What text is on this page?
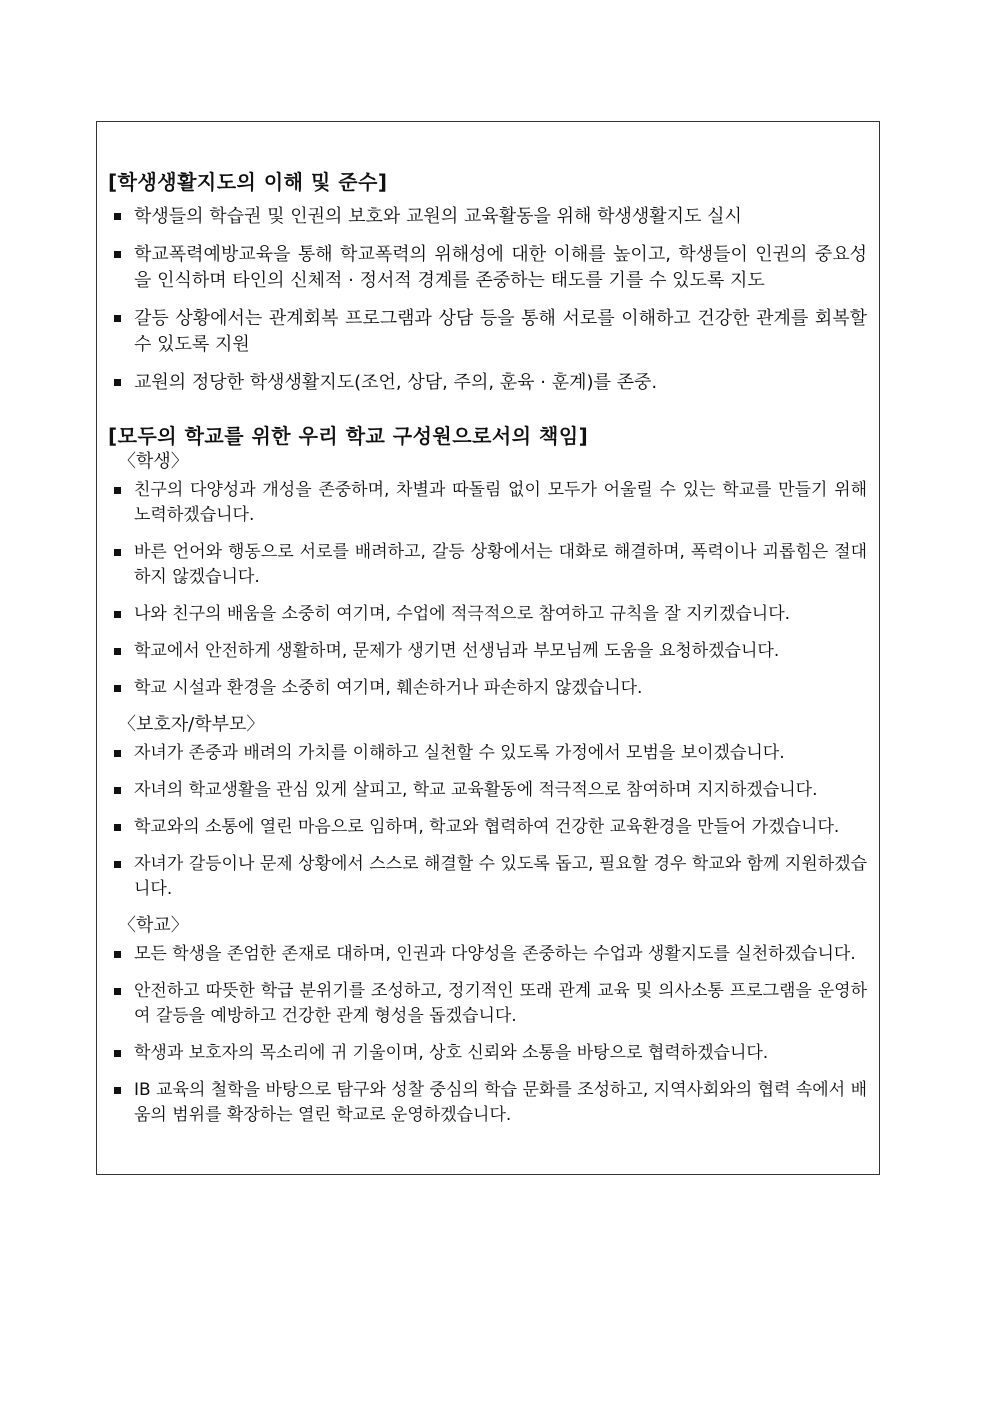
[학생생활지도의 이해 및 준수]
학생들의 학습권 및 인권의 보호와 교원의 교육활동을 위해 학생생활지도 실시
학교폭력예방교육을 통해 학교폭력의 위해성에 대한 이해를 높이고, 학생들이 인권의 중요성을 인식하며 타인의 신체적 · 정서적 경계를 존중하는 태도를 기를 수 있도록 지도
갈등 상황에서는 관계회복 프로그램과 상담 등을 통해 서로를 이해하고 건강한 관계를 회복할 수 있도록 지원
교원의 정당한 학생생활지도(조언, 상담, 주의, 훈육 · 훈계)를 존중.
[모두의 학교를 위한 우리 학교 구성원으로서의 책임]

〈학생〉

친구의 다양성과 개성을 존중하며, 차별과 따돌림 없이 모두가 어울릴 수 있는 학교를 만들기 위해 노력하겠습니다.
바른 언어와 행동으로 서로를 배려하고, 갈등 상황에서는 대화로 해결하며, 폭력이나 괴롭힘은 절대 하지 않겠습니다.
나와 친구의 배움을 소중히 여기며, 수업에 적극적으로 참여하고 규칙을 잘 지키겠습니다.
학교에서 안전하게 생활하며, 문제가 생기면 선생님과 부모님께 도움을 요청하겠습니다.
학교 시설과 환경을 소중히 여기며, 훼손하거나 파손하지 않겠습니다.

〈보호자/학부모〉

자녀가 존중과 배려의 가치를 이해하고 실천할 수 있도록 가정에서 모범을 보이겠습니다.
자녀의 학교생활을 관심 있게 살피고, 학교 교육활동에 적극적으로 참여하며 지지하겠습니다.
학교와의 소통에 열린 마음으로 임하며, 학교와 협력하여 건강한 교육환경을 만들어 가겠습니다.
자녀가 갈등이나 문제 상황에서 스스로 해결할 수 있도록 돕고, 필요할 경우 학교와 함께 지원하겠습니다.

〈학교〉

모든 학생을 존엄한 존재로 대하며, 인권과 다양성을 존중하는 수업과 생활지도를 실천하겠습니다.
안전하고 따뜻한 학급 분위기를 조성하고, 정기적인 또래 관계 교육 및 의사소통 프로그램을 운영하여 갈등을 예방하고 건강한 관계 형성을 돕겠습니다.
학생과 보호자의 목소리에 귀 기울이며, 상호 신뢰와 소통을 바탕으로 협력하겠습니다.
IB 교육의 철학을 바탕으로 탐구와 성찰 중심의 학습 문화를 조성하고, 지역사회와의 협력 속에서 배움의 범위를 확장하는 열린 학교로 운영하겠습니다.
